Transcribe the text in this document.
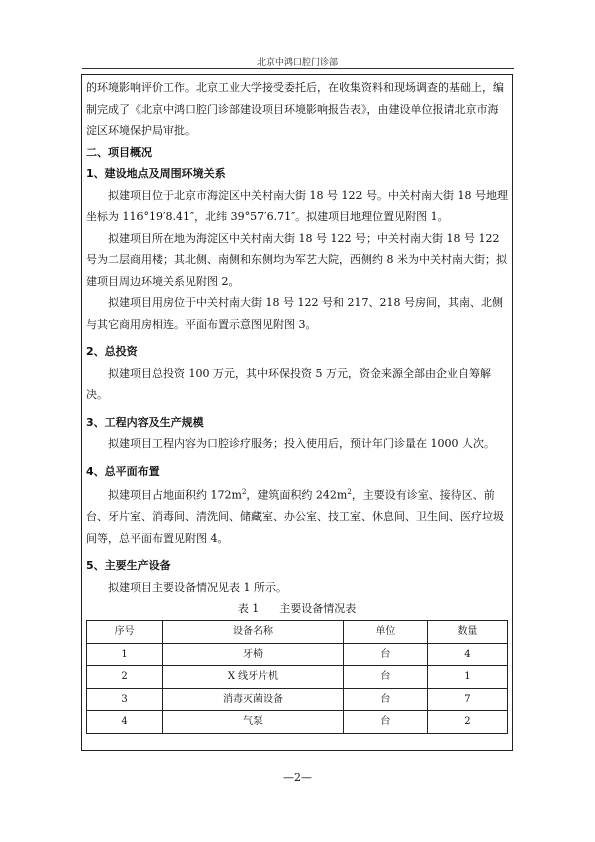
北京中鸿口腔门诊部

的环境影响评价工作。北京工业大学接受委托后，在收集资料和现场调查的基础上，编制完成了《北京中鸿口腔门诊部建设项目环境影响报告表》，由建设单位报请北京市海淀区环境保护局审批。

二、项目概况

1、建设地点及周围环境关系

拟建项目位于北京市海淀区中关村南大街 18 号 122 号。中关村南大街 18 号地理坐标为 116°19′8.41″，北纬 39°57′6.71″。拟建项目地理位置见附图 1。

拟建项目所在地为海淀区中关村南大街 18 号 122 号；中关村南大街 18 号 122 号为二层商用楼；其北侧、南侧和东侧均为军艺大院，西侧约 8 米为中关村南大街；拟建项目周边环境关系见附图 2。

拟建项目用房位于中关村南大街 18 号 122 号和 217、218 号房间，其南、北侧与其它商用房相连。平面布置示意图见附图 3。

2、总投资

拟建项目总投资 100 万元，其中环保投资 5 万元，资金来源全部由企业自筹解决。

3、工程内容及生产规模

拟建项目工程内容为口腔诊疗服务；投入使用后，预计年门诊量在 1000 人次。

4、总平面布置

拟建项目占地面积约 $172m^2$，建筑面积约 $242m^2$，主要设有诊室、接待区、前台、牙片室、消毒间、清洗间、储藏室、办公室、技工室、休息间、卫生间、医疗垃圾间等，总平面布置见附图 4。

5、主要生产设备

拟建项目主要设备情况见表 1 所示。

表 1 主要设备情况表

序号	设备名称	单位	数量
1	牙椅	台	4
2	X 线牙片机	台	1
3	消毒灭菌设备	台	7
4	气泵	台	2
—2—
